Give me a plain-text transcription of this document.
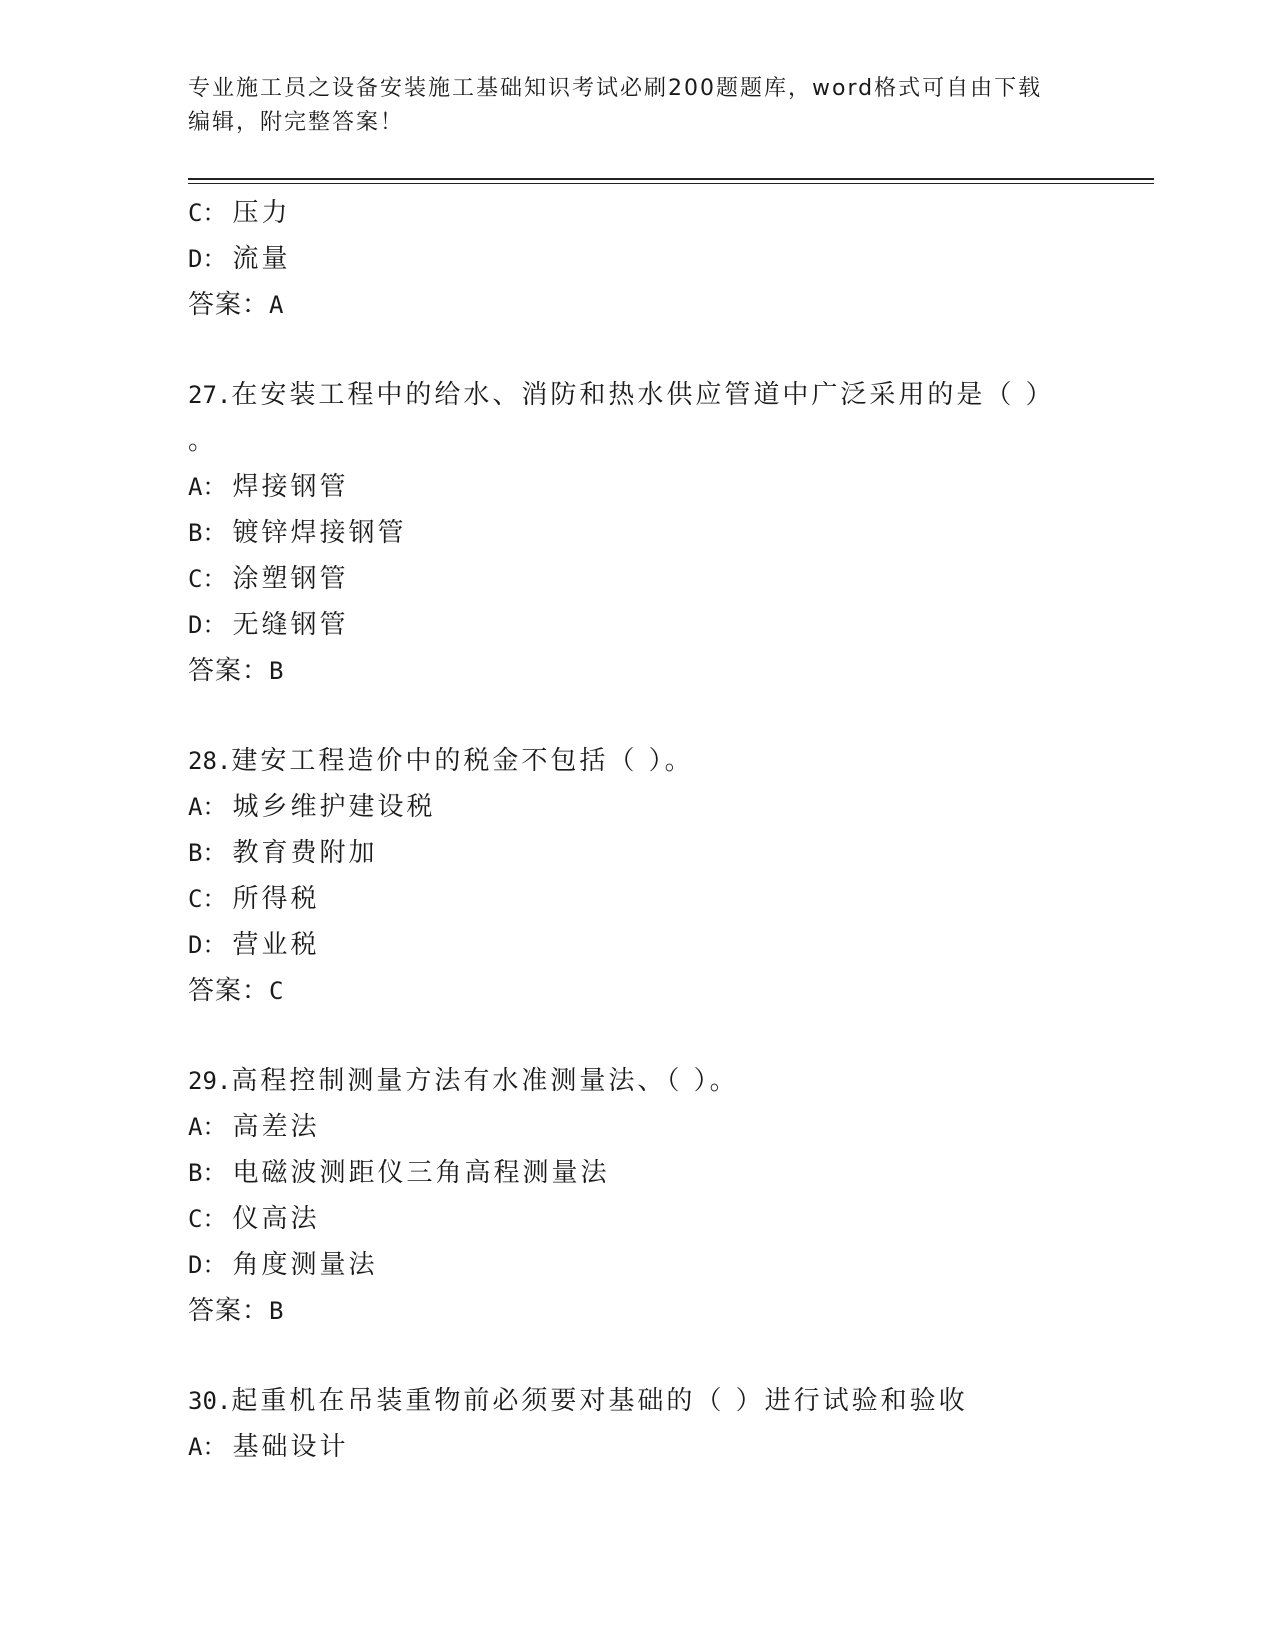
专业施工员之设备安装施工基础知识考试必刷200题题库，word格式可自由下载
编辑，附完整答案！
C： 压力
D： 流量
答案：A
27.在安装工程中的给水、消防和热水供应管道中广泛采用的是（ ）
。
A： 焊接钢管
B： 镀锌焊接钢管
C： 涂塑钢管
D： 无缝钢管
答案：B
28.建安工程造价中的税金不包括（ ）。
A： 城乡维护建设税
B： 教育费附加
C： 所得税
D： 营业税
答案：C
29.高程控制测量方法有水准测量法、（ ）。
A： 高差法
B： 电磁波测距仪三角高程测量法
C： 仪高法
D： 角度测量法
答案：B
30.起重机在吊装重物前必须要对基础的（ ）进行试验和验收
A： 基础设计
